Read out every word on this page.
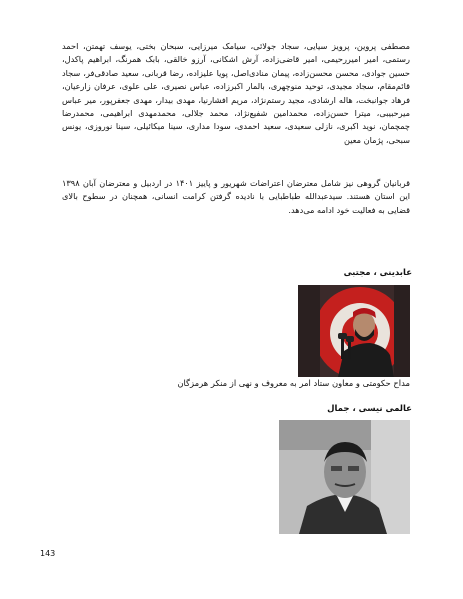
مصطفی پروین، پرویز سیایی، سجاد جولائی، سیامک میرزایی، سبحان بختی، یوسف تهمتن، احمد رستمی، امیر امیررحیمی، امیر قاضی‌زاده، آرش اشکانی، آرزو خالقی، بابک همرنگ، ابراهیم پاکدل، حسین جوادی، محسن محسن‌زاده، پیمان منادی‌اصل، پویا علیزاده، رضا قربانی، سعید صادقی‌فر، سجاد قائم‌مقام، سجاد مجیدی، توحید منوچهری، بالمار اکبرزاده، عباس نصیری، علی علوی، عرفان زارعیان، فرهاد جوانبخت، هاله ارشادی، مجید رستم‌نژاد، مریم افشارنیا، مهدی بیدار، مهدی جعفرپور، میر عباس میرحبیبی، میترا حسن‌زاده، محمدامین شفیع‌نژاد، محمد جلالی، محمدمهدی ابراهیمی، محمدرضا چمچمان، نوید اکبری، نازلی سعیدی، سعید احمدی، سودا مداری، سینا میکائیلی، سینا نوروزی، یونس سبحی، پژمان معین

قربانیان گروهی نیز شامل معترضان اعتراضات شهریور و پاییز ۱۴۰۱ در اردبیل و معترضان آبان ۱۳۹۸ این استان هستند. سیدعبدالله طباطبایی با نادیده گرفتن کرامت انسانی، همچنان در سطوح بالای قضایی به فعالیت خود ادامه می‌دهد.

عابدینی ، مجتبی

مداح حکومتی و معاون ستاد امر به معروف و نهی از منکر هرمزگان

عالمی نیسی ، جمال

143
